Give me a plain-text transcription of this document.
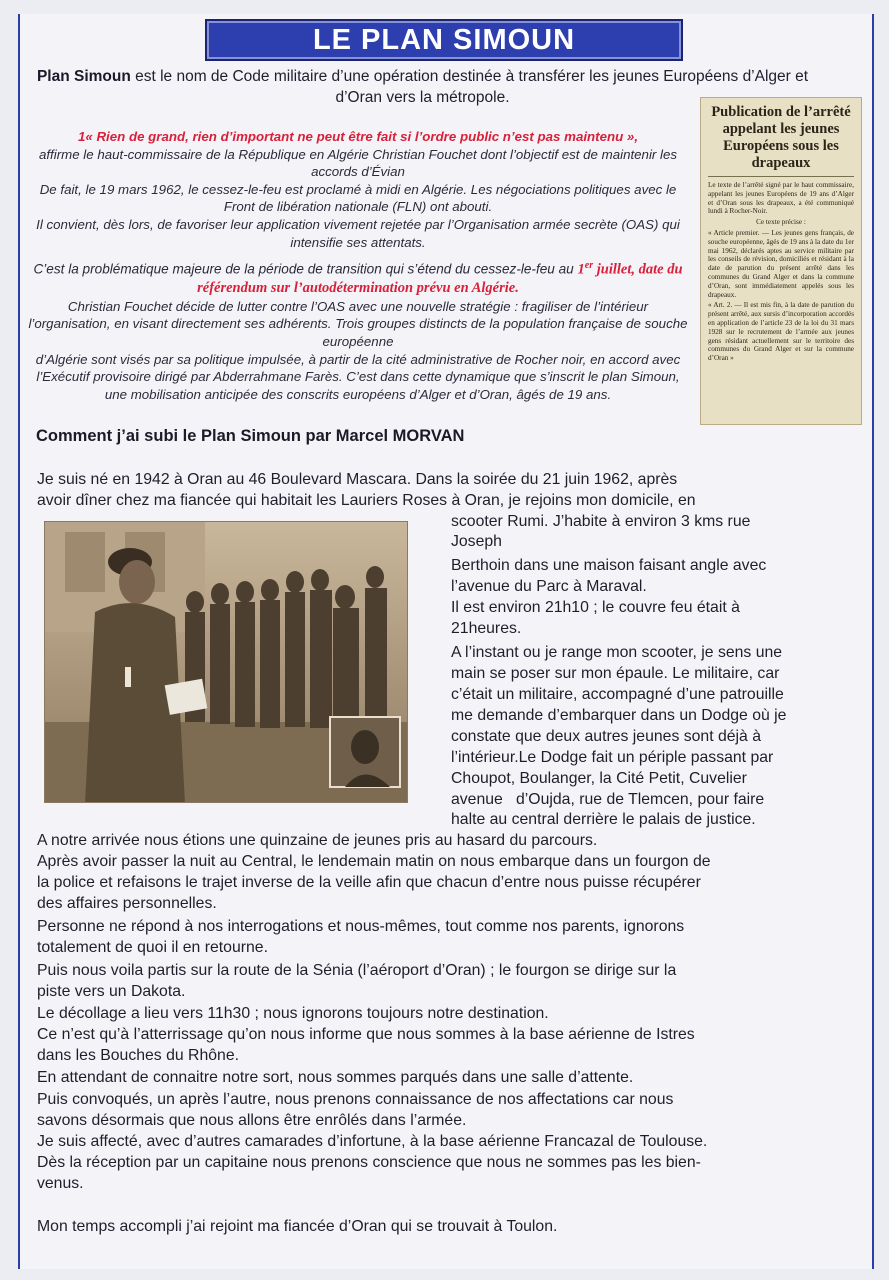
LE PLAN SIMOUN
Plan Simoun est le nom de Code militaire d’une opération destinée à transférer les jeunes Européens d’Alger et d’Oran vers la métropole.
1« Rien de grand, rien d’important ne peut être fait si l’ordre public n’est pas maintenu »,
affirme le haut-commissaire de la République en Algérie Christian Fouchet dont l’objectif est de maintenir les accords d’Évian
De fait, le 19 mars 1962, le cessez-le-feu est proclamé à midi en Algérie. Les négociations politiques avec le Front de libération nationale (FLN) ont abouti.
Il convient, dès lors, de favoriser leur application vivement rejetée par l’Organisation armée secrète (OAS) qui intensifie ses attentats.
C’est la problématique majeure de la période de transition qui s’étend du cessez-le-feu au 1er juillet, date du référendum sur l’autodétermination prévu en Algérie.
Christian Fouchet décide de lutter contre l’OAS avec une nouvelle stratégie : fragiliser de l’intérieur l’organisation, en visant directement ses adhérents. Trois groupes distincts de la population française de souche européenne
d’Algérie sont visés par sa politique impulsée, à partir de la cité administrative de Rocher noir, en accord avec l’Exécutif provisoire dirigé par Abderrahmane Farès. C’est dans cette dynamique que s’inscrit le plan Simoun, une mobilisation anticipée des conscrits européens d’Alger et d’Oran, âgés de 19 ans.
Publication de l’arrêté appelant les jeunes Européens sous les drapeaux
Le texte de l’arrêté signé par le haut commissaire, appelant les jeunes Européens de 19 ans d’Alger et d’Oran sous les drapeaux, a été communiqué lundi à Rocher-Noir.
Ce texte précise :
« Article premier. — Les jeunes gens français, de souche européenne, âgés de 19 ans à la date du 1er mai 1962, déclarés aptes au service militaire par les conseils de révision, domiciliés et résidant à la date de parution du présent arrêté dans les communes du Grand Alger et dans la commune d’Oran, sont immédiatement appelés sous les drapeaux.
« Art. 2. — Il est mis fin, à la date de parution du présent arrêté, aux sursis d’incorporation accordés en application de l’article 23 de la loi du 31 mars 1928 sur le recrutement de l’armée aux jeunes gens résidant actuellement sur le territoire des communes du Grand Alger et sur la commune d’Oran »
Comment j’ai subi le Plan Simoun par Marcel MORVAN
Je suis né en 1942 à Oran au 46 Boulevard Mascara. Dans la soirée du 21 juin 1962, après
avoir dîner chez ma fiancée qui habitait les Lauriers Roses à Oran, je rejoins mon domicile, en
scooter Rumi. J’habite à environ 3 kms rue
Joseph
Berthoin dans une maison faisant angle avec
l’avenue du Parc à Maraval.
Il est environ 21h10 ; le couvre feu était à
21heures.
A l’instant ou je range mon scooter, je sens une
main se poser sur mon épaule. Le militaire, car
c’était un militaire, accompagné d’une patrouille
me demande d’embarquer dans un Dodge où je
constate que deux autres jeunes sont déjà à
l’intérieur.Le Dodge fait un périple passant par
Choupot, Boulanger, la Cité Petit, Cuvelier
avenue   d’Oujda, rue de Tlemcen, pour faire
halte au central derrière le palais de justice.
A notre arrivée nous étions une quinzaine de jeunes pris au hasard du parcours.
Après avoir passer la nuit au Central, le lendemain matin on nous embarque dans un fourgon de
la police et refaisons le trajet inverse de la veille afin que chacun d’entre nous puisse récupérer
des affaires personnelles.
Personne ne répond à nos interrogations et nous-mêmes, tout comme nos parents, ignorons
totalement de quoi il en retourne.
Puis nous voila partis sur la route de la Sénia (l’aéroport d’Oran) ; le fourgon se dirige sur la
piste vers un Dakota.
Le décollage a lieu vers 11h30 ; nous ignorons toujours notre destination.
Ce n’est qu’à l’atterrissage qu’on nous informe que nous sommes à la base aérienne de Istres
dans les Bouches du Rhône.
En attendant de connaitre notre sort, nous sommes parqués dans une salle d’attente.
Puis convoqués, un après l’autre, nous prenons connaissance de nos affectations car nous
savons désormais que nous allons être enrôlés dans l’armée.
Je suis affecté, avec d’autres camarades d’infortune, à la base aérienne Francazal de Toulouse.
Dès la réception par un capitaine nous prenons conscience que nous ne sommes pas les bien-
venus.
Mon temps accompli j’ai rejoint ma fiancée d’Oran qui se trouvait à Toulon.
